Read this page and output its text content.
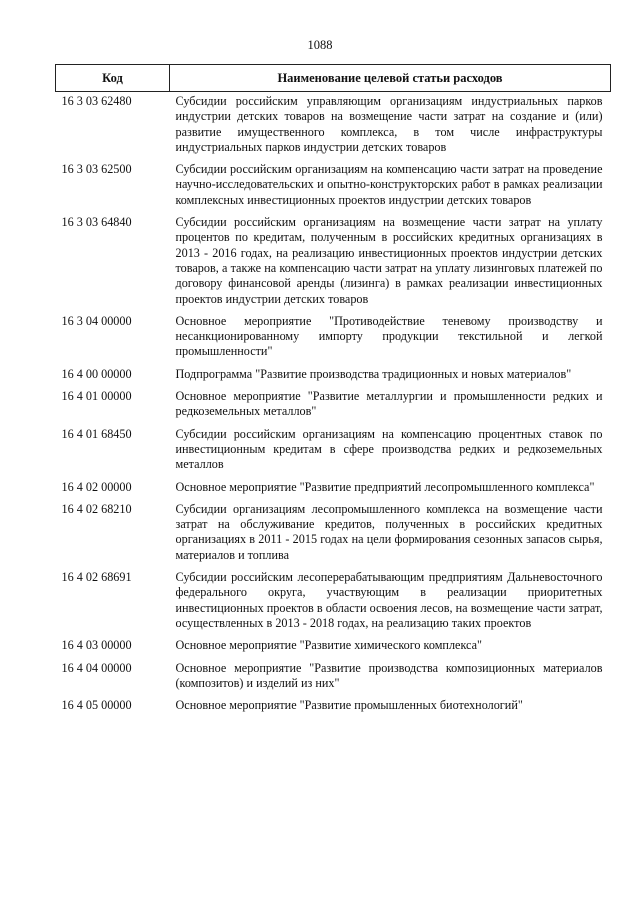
1088
Код	Наименование целевой статьи расходов
16 3 03 62480	Субсидии российским управляющим организациям индустриальных парков индустрии детских товаров на возмещение части затрат на создание и (или) развитие имущественного комплекса, в том числе инфраструктуры индустриальных парков индустрии детских товаров
16 3 03 62500	Субсидии российским организациям на компенсацию части затрат на проведение научно-исследовательских и опытно-конструкторских работ в рамках реализации комплексных инвестиционных проектов индустрии детских товаров
16 3 03 64840	Субсидии российским организациям на возмещение части затрат на уплату процентов по кредитам, полученным в российских кредитных организациях в 2013 - 2016 годах, на реализацию инвестиционных проектов индустрии детских товаров, а также на компенсацию части затрат на уплату лизинговых платежей по договору финансовой аренды (лизинга) в рамках реализации инвестиционных проектов индустрии детских товаров
16 3 04 00000	Основное мероприятие "Противодействие теневому производству и несанкционированному импорту продукции текстильной и легкой промышленности"
16 4 00 00000	Подпрограмма "Развитие производства традиционных и новых материалов"
16 4 01 00000	Основное мероприятие "Развитие металлургии и промышленности редких и редкоземельных металлов"
16 4 01 68450	Субсидии российским организациям на компенсацию процентных ставок по инвестиционным кредитам в сфере производства редких и редкоземельных металлов
16 4 02 00000	Основное мероприятие "Развитие предприятий лесопромышленного комплекса"
16 4 02 68210	Субсидии организациям лесопромышленного комплекса на возмещение части затрат на обслуживание кредитов, полученных в российских кредитных организациях в 2011 - 2015 годах на цели формирования сезонных запасов сырья, материалов и топлива
16 4 02 68691	Субсидии российским лесоперерабатывающим предприятиям Дальневосточного федерального округа, участвующим в реализации приоритетных инвестиционных проектов в области освоения лесов, на возмещение части затрат, осуществленных в 2013 - 2018 годах, на реализацию таких проектов
16 4 03 00000	Основное мероприятие "Развитие химического комплекса"
16 4 04 00000	Основное мероприятие "Развитие производства композиционных материалов (композитов) и изделий из них"
16 4 05 00000	Основное мероприятие "Развитие промышленных биотехнологий"
